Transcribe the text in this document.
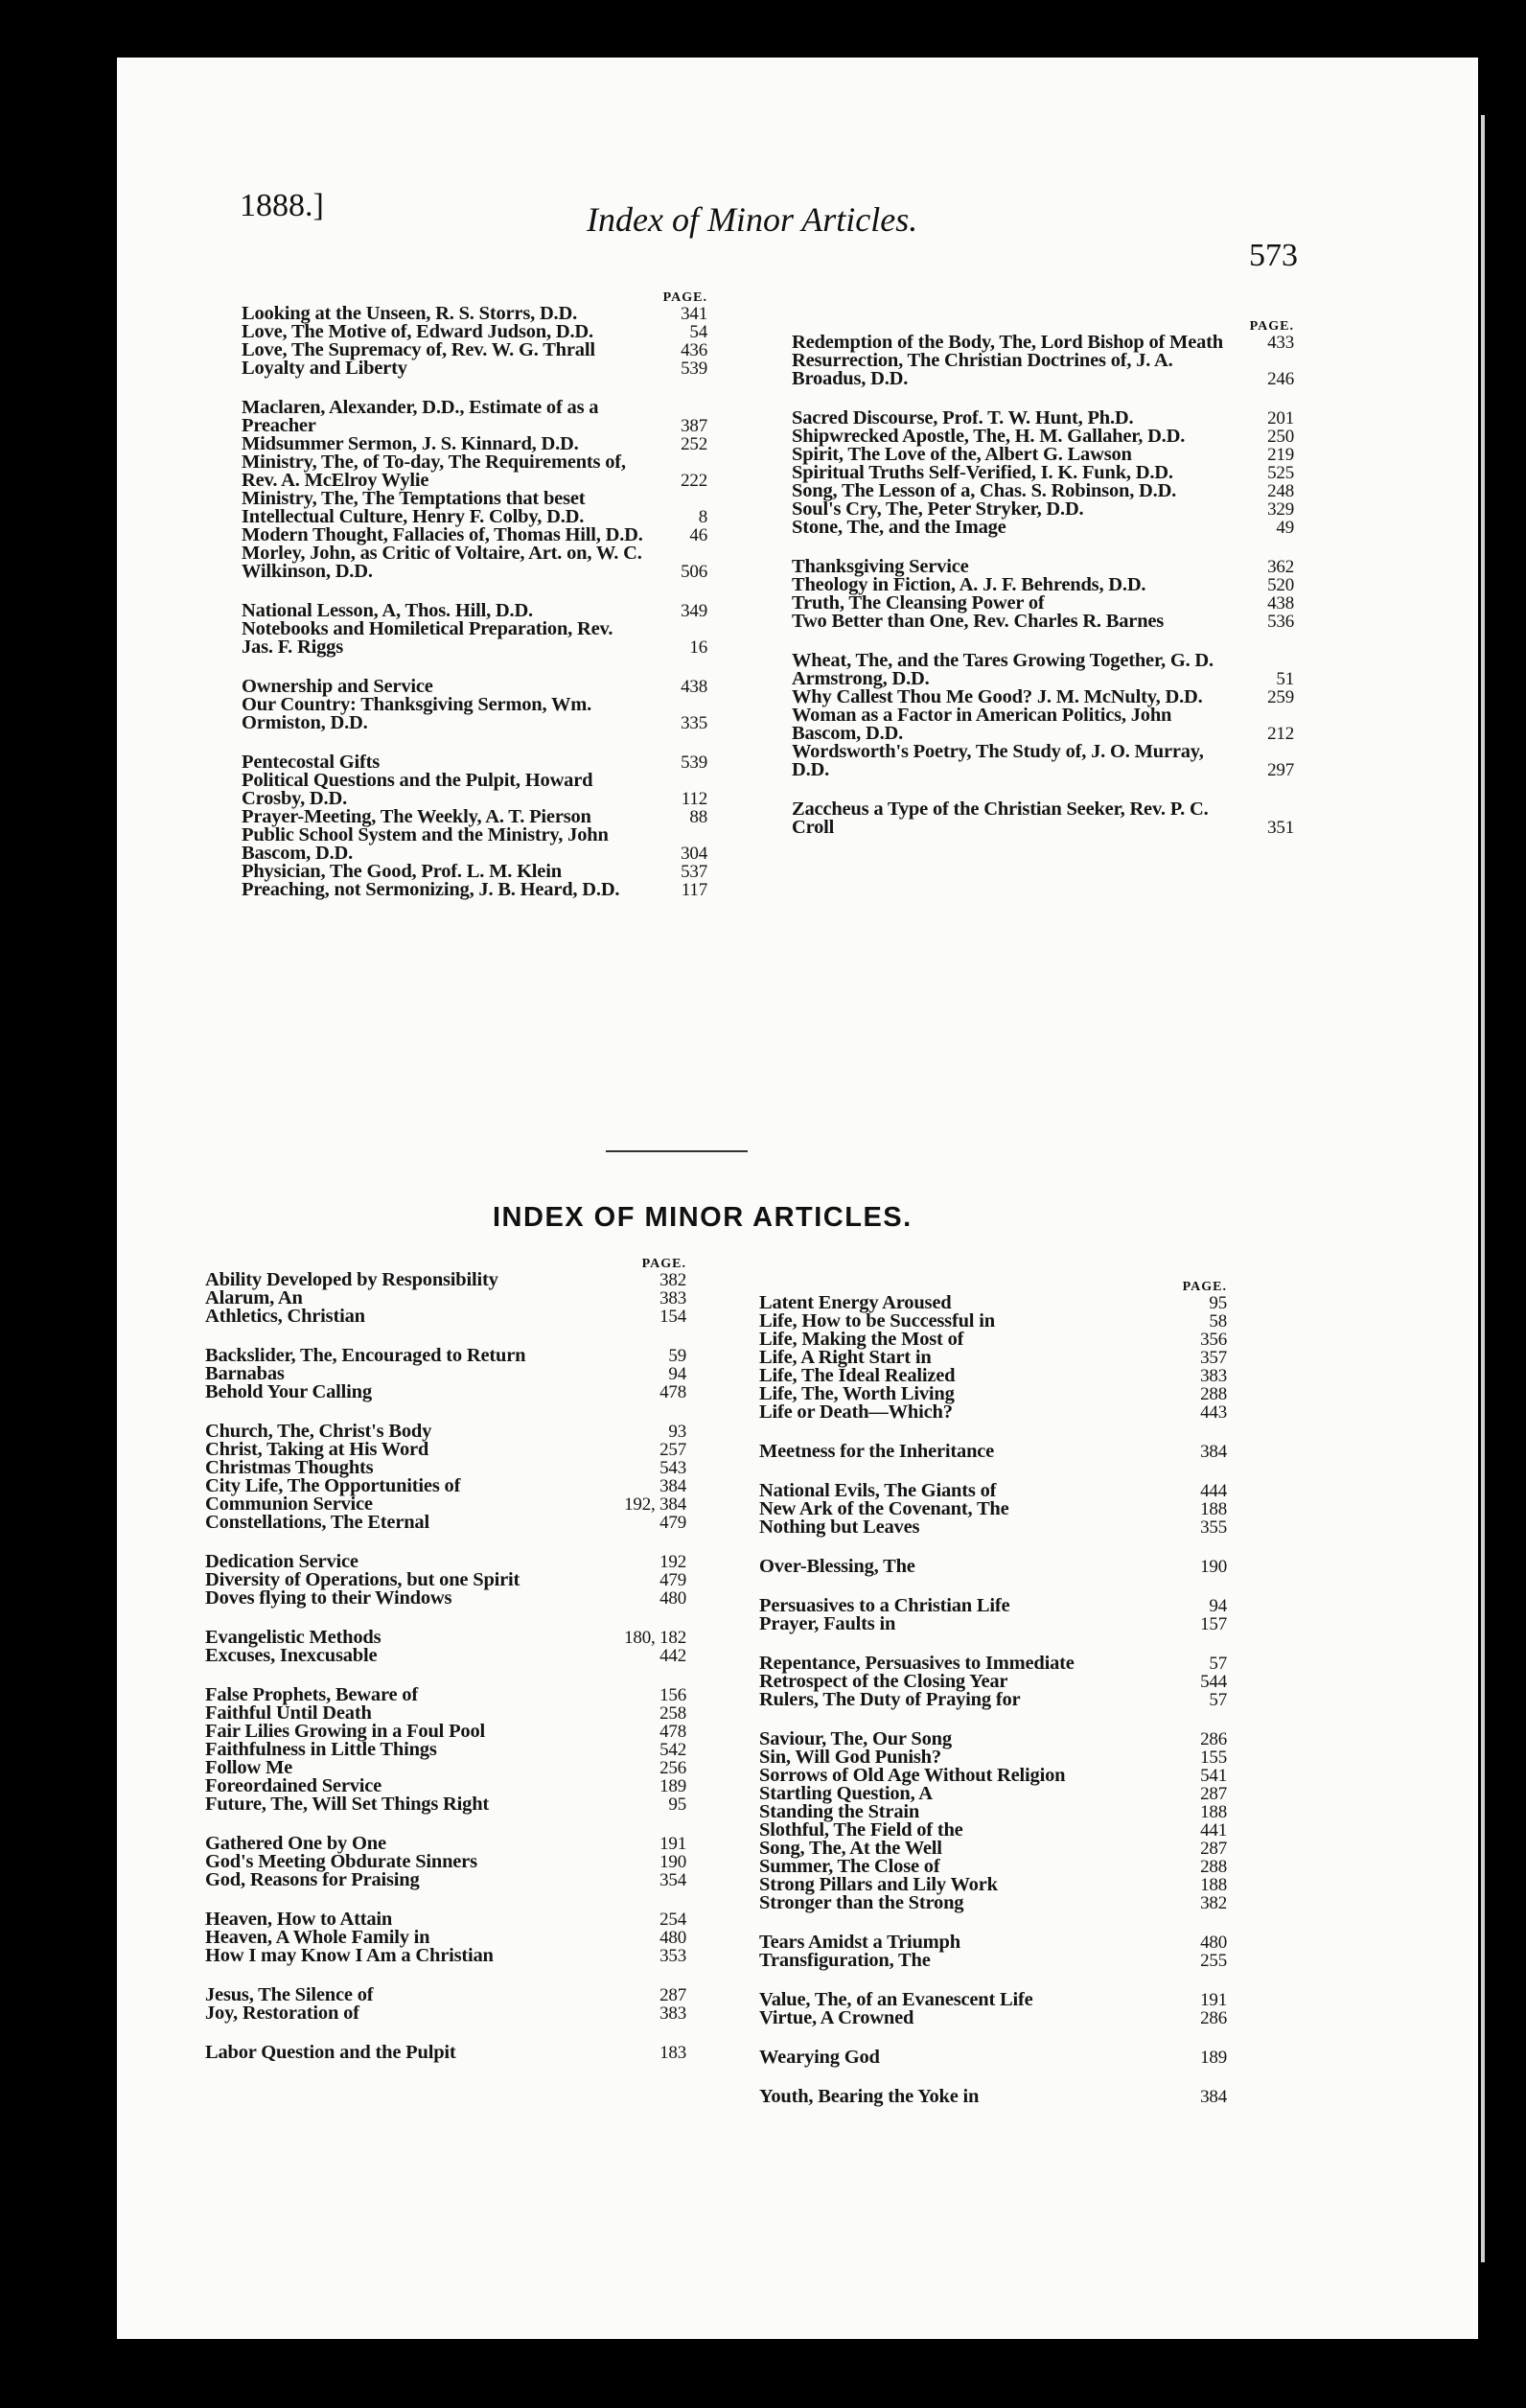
1888.]	Index of Minor Articles.
573
PAGE.
Looking at the Unseen, R. S. Storrs, D.D.	341
Love, The Motive of, Edward Judson, D.D.	54
Love, The Supremacy of, Rev. W. G. Thrall	436
Loyalty and Liberty	539
Maclaren, Alexander, D.D., Estimate of as a Preacher	387
Midsummer Sermon, J. S. Kinnard, D.D.	252
Ministry, The, of To-day, The Requirements of, Rev. A. McElroy Wylie	222
Ministry, The, The Temptations that beset Intellectual Culture, Henry F. Colby, D.D.	8
Modern Thought, Fallacies of, Thomas Hill, D.D.	46
Morley, John, as Critic of Voltaire, Art. on, W. C. Wilkinson, D.D.	506
National Lesson, A, Thos. Hill, D.D.	349
Notebooks and Homiletical Preparation, Rev. Jas. F. Riggs	16
Ownership and Service	438
Our Country: Thanksgiving Sermon, Wm. Ormiston, D.D.	335
Pentecostal Gifts	539
Political Questions and the Pulpit, Howard Crosby, D.D.	112
Prayer-Meeting, The Weekly, A. T. Pierson	88
Public School System and the Ministry, John Bascom, D.D.	304
Physician, The Good, Prof. L. M. Klein	537
Preaching, not Sermonizing, J. B. Heard, D.D.	117
PAGE.
Redemption of the Body, The, Lord Bishop of Meath	433
Resurrection, The Christian Doctrines of, J. A. Broadus, D.D.	246
Sacred Discourse, Prof. T. W. Hunt, Ph.D.	201
Shipwrecked Apostle, The, H. M. Gallaher, D.D.	250
Spirit, The Love of the, Albert G. Lawson	219
Spiritual Truths Self-Verified, I. K. Funk, D.D.	525
Song, The Lesson of a, Chas. S. Robinson, D.D.	248
Soul's Cry, The, Peter Stryker, D.D.	329
Stone, The, and the Image	49
Thanksgiving Service	362
Theology in Fiction, A. J. F. Behrends, D.D.	520
Truth, The Cleansing Power of	438
Two Better than One, Rev. Charles R. Barnes	536
Wheat, The, and the Tares Growing Together, G. D. Armstrong, D.D.	51
Why Callest Thou Me Good? J. M. McNulty, D.D.	259
Woman as a Factor in American Politics, John Bascom, D.D.	212
Wordsworth's Poetry, The Study of, J. O. Murray, D.D.	297
Zaccheus a Type of the Christian Seeker, Rev. P. C. Croll	351
INDEX OF MINOR ARTICLES.
PAGE.
Ability Developed by Responsibility	382
Alarum, An	383
Athletics, Christian	154
Backslider, The, Encouraged to Return	59
Barnabas	94
Behold Your Calling	478
Church, The, Christ's Body	93
Christ, Taking at His Word	257
Christmas Thoughts	543
City Life, The Opportunities of	384
Communion Service	192, 384
Constellations, The Eternal	479
Dedication Service	192
Diversity of Operations, but one Spirit	479
Doves flying to their Windows	480
Evangelistic Methods	180, 182
Excuses, Inexcusable	442
False Prophets, Beware of	156
Faithful Until Death	258
Fair Lilies Growing in a Foul Pool	478
Faithfulness in Little Things	542
Follow Me	256
Foreordained Service	189
Future, The, Will Set Things Right	95
Gathered One by One	191
God's Meeting Obdurate Sinners	190
God, Reasons for Praising	354
Heaven, How to Attain	254
Heaven, A Whole Family in	480
How I may Know I Am a Christian	353
Jesus, The Silence of	287
Joy, Restoration of	383
Labor Question and the Pulpit	183
PAGE.
Latent Energy Aroused	95
Life, How to be Successful in	58
Life, Making the Most of	356
Life, A Right Start in	357
Life, The Ideal Realized	383
Life, The, Worth Living	288
Life or Death—Which?	443
Meetness for the Inheritance	384
National Evils, The Giants of	444
New Ark of the Covenant, The	188
Nothing but Leaves	355
Over-Blessing, The	190
Persuasives to a Christian Life	94
Prayer, Faults in	157
Repentance, Persuasives to Immediate	57
Retrospect of the Closing Year	544
Rulers, The Duty of Praying for	57
Saviour, The, Our Song	286
Sin, Will God Punish?	155
Sorrows of Old Age Without Religion	541
Startling Question, A	287
Standing the Strain	188
Slothful, The Field of the	441
Song, The, At the Well	287
Summer, The Close of	288
Strong Pillars and Lily Work	188
Stronger than the Strong	382
Tears Amidst a Triumph	480
Transfiguration, The	255
Value, The, of an Evanescent Life	191
Virtue, A Crowned	286
Wearying God	189
Youth, Bearing the Yoke in	384
